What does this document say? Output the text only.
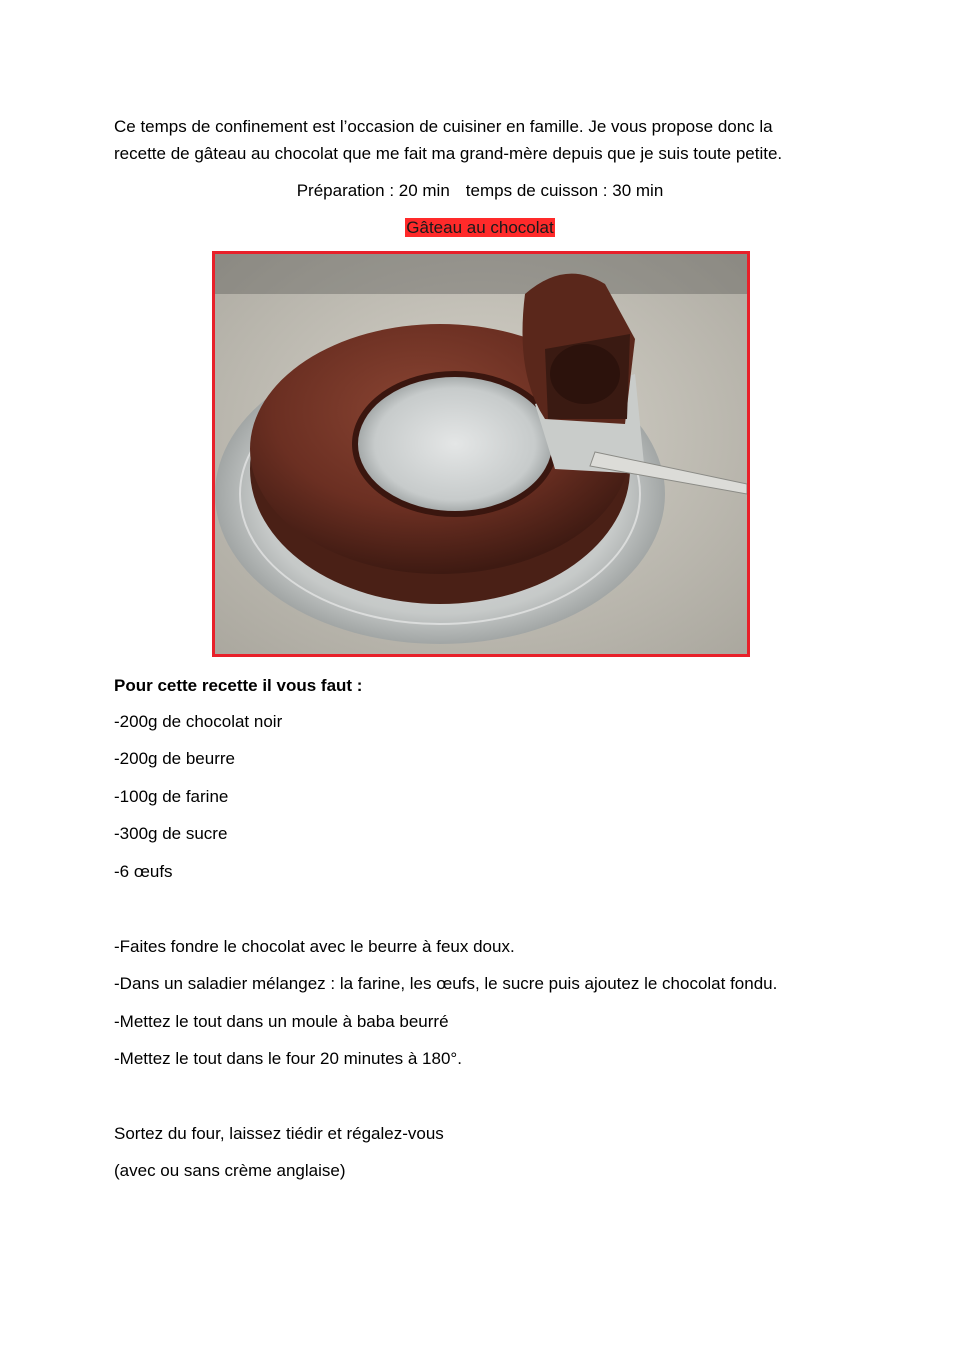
Ce temps de confinement est l’occasion de cuisiner en famille. Je vous propose donc la
recette de gâteau au chocolat que me fait ma grand-mère depuis que je suis toute petite.
Préparation : 20 min temps de cuisson : 30 min
Gâteau au chocolat
Pour cette recette il vous faut :
-200g de chocolat noir
-200g de beurre
-100g de farine
-300g de sucre
-6 œufs
-Faites fondre le chocolat avec le beurre à feux doux.
-Dans un saladier mélangez : la farine, les œufs, le sucre puis ajoutez le chocolat fondu.
-Mettez le tout dans un moule à baba beurré
-Mettez le tout dans le four 20 minutes à 180°.
Sortez du four, laissez tiédir et régalez-vous
(avec ou sans crème anglaise)
